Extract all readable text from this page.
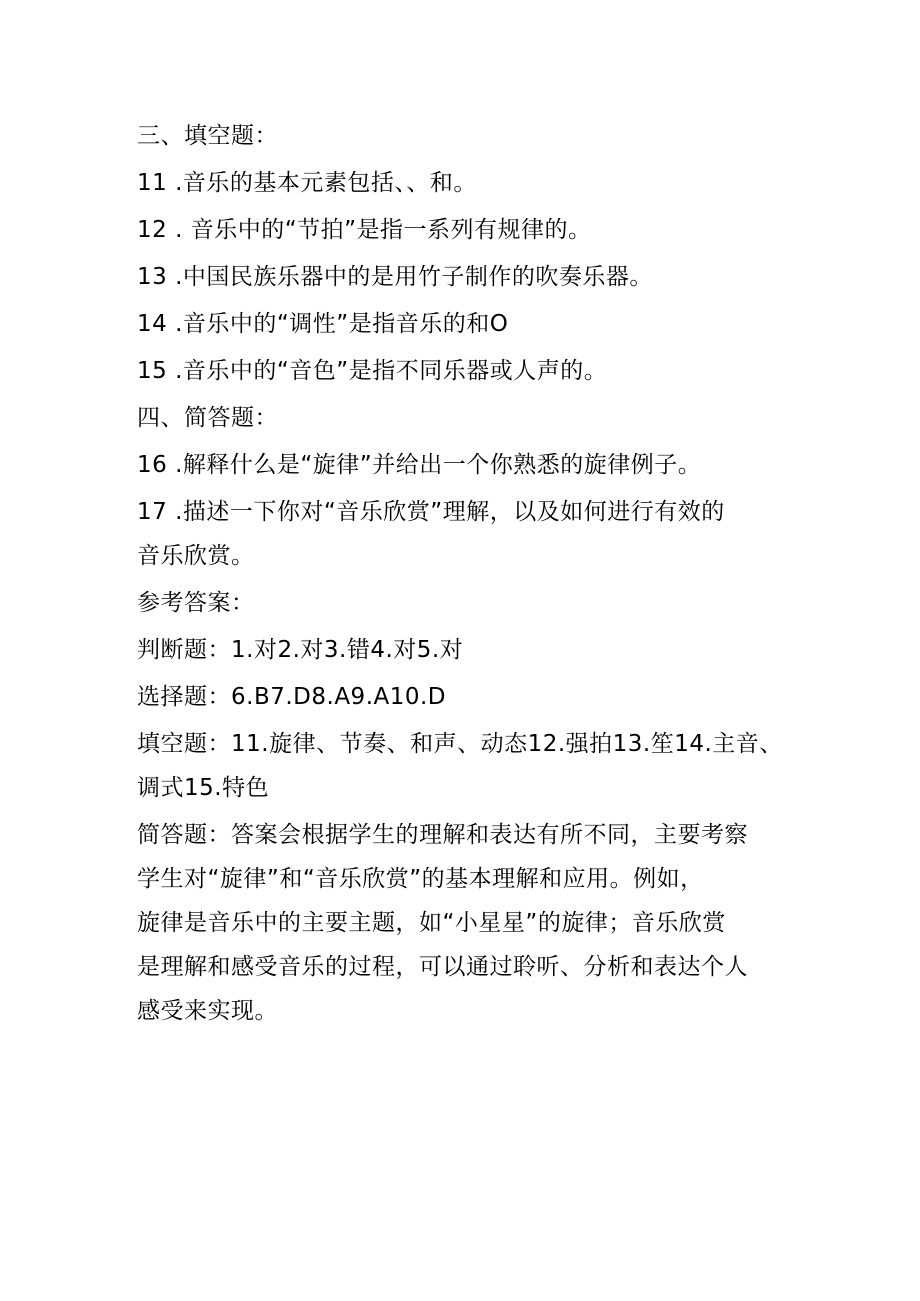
三、填空题：
11 .音乐的基本元素包括、、和。
12 . 音乐中的“节拍”是指一系列有规律的。
13 .中国民族乐器中的是用竹子制作的吹奏乐器。
14 .音乐中的“调性”是指音乐的和O
15 .音乐中的“音色”是指不同乐器或人声的。
四、简答题：
16 .解释什么是“旋律”并给出一个你熟悉的旋律例子。
17 .描述一下你对“音乐欣赏”理解，以及如何进行有效的
音乐欣赏。
参考答案：
判断题：1.对2.对3.错4.对5.对
选择题：6.B7.D8.A9.A10.D
填空题：11.旋律、节奏、和声、动态12.强拍13.笙14.主音、
调式15.特色
简答题：答案会根据学生的理解和表达有所不同，主要考察
学生对“旋律”和“音乐欣赏”的基本理解和应用。例如，
旋律是音乐中的主要主题，如“小星星”的旋律；音乐欣赏
是理解和感受音乐的过程，可以通过聆听、分析和表达个人
感受来实现。
